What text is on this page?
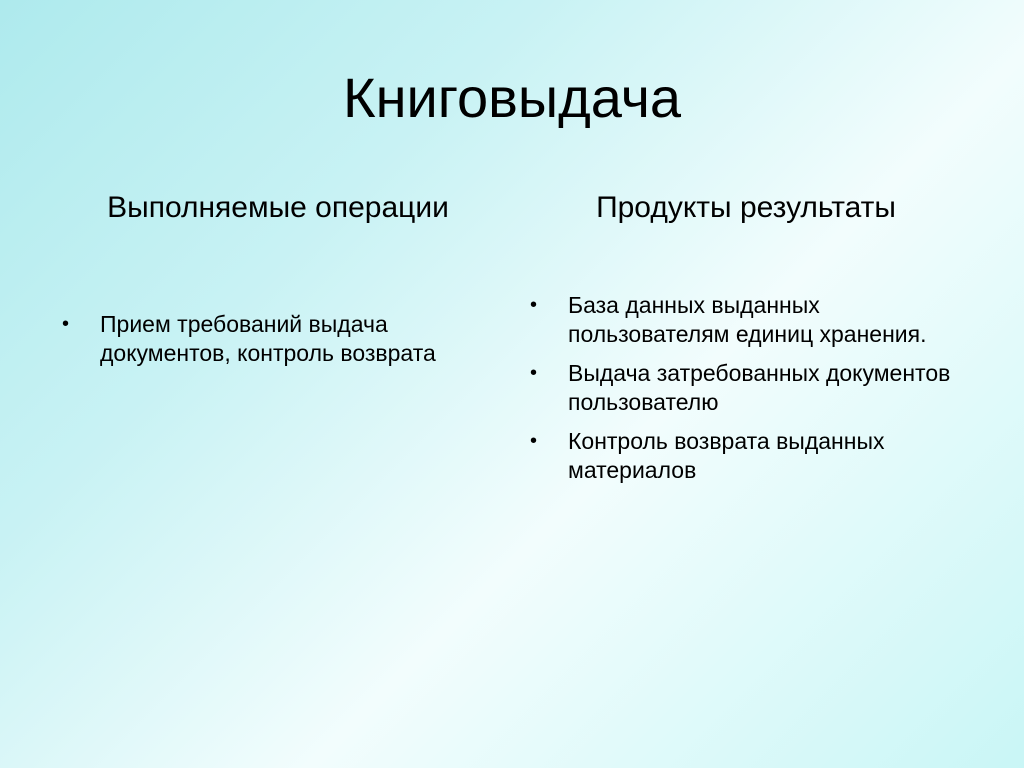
Книговыдача
Выполняемые операции	Продукты результаты
• Прием требований выдача документов, контроль возврата
• База данных выданных пользователям единиц хранения.
• Выдача затребованных документов пользователю
• Контроль возврата выданных материалов
